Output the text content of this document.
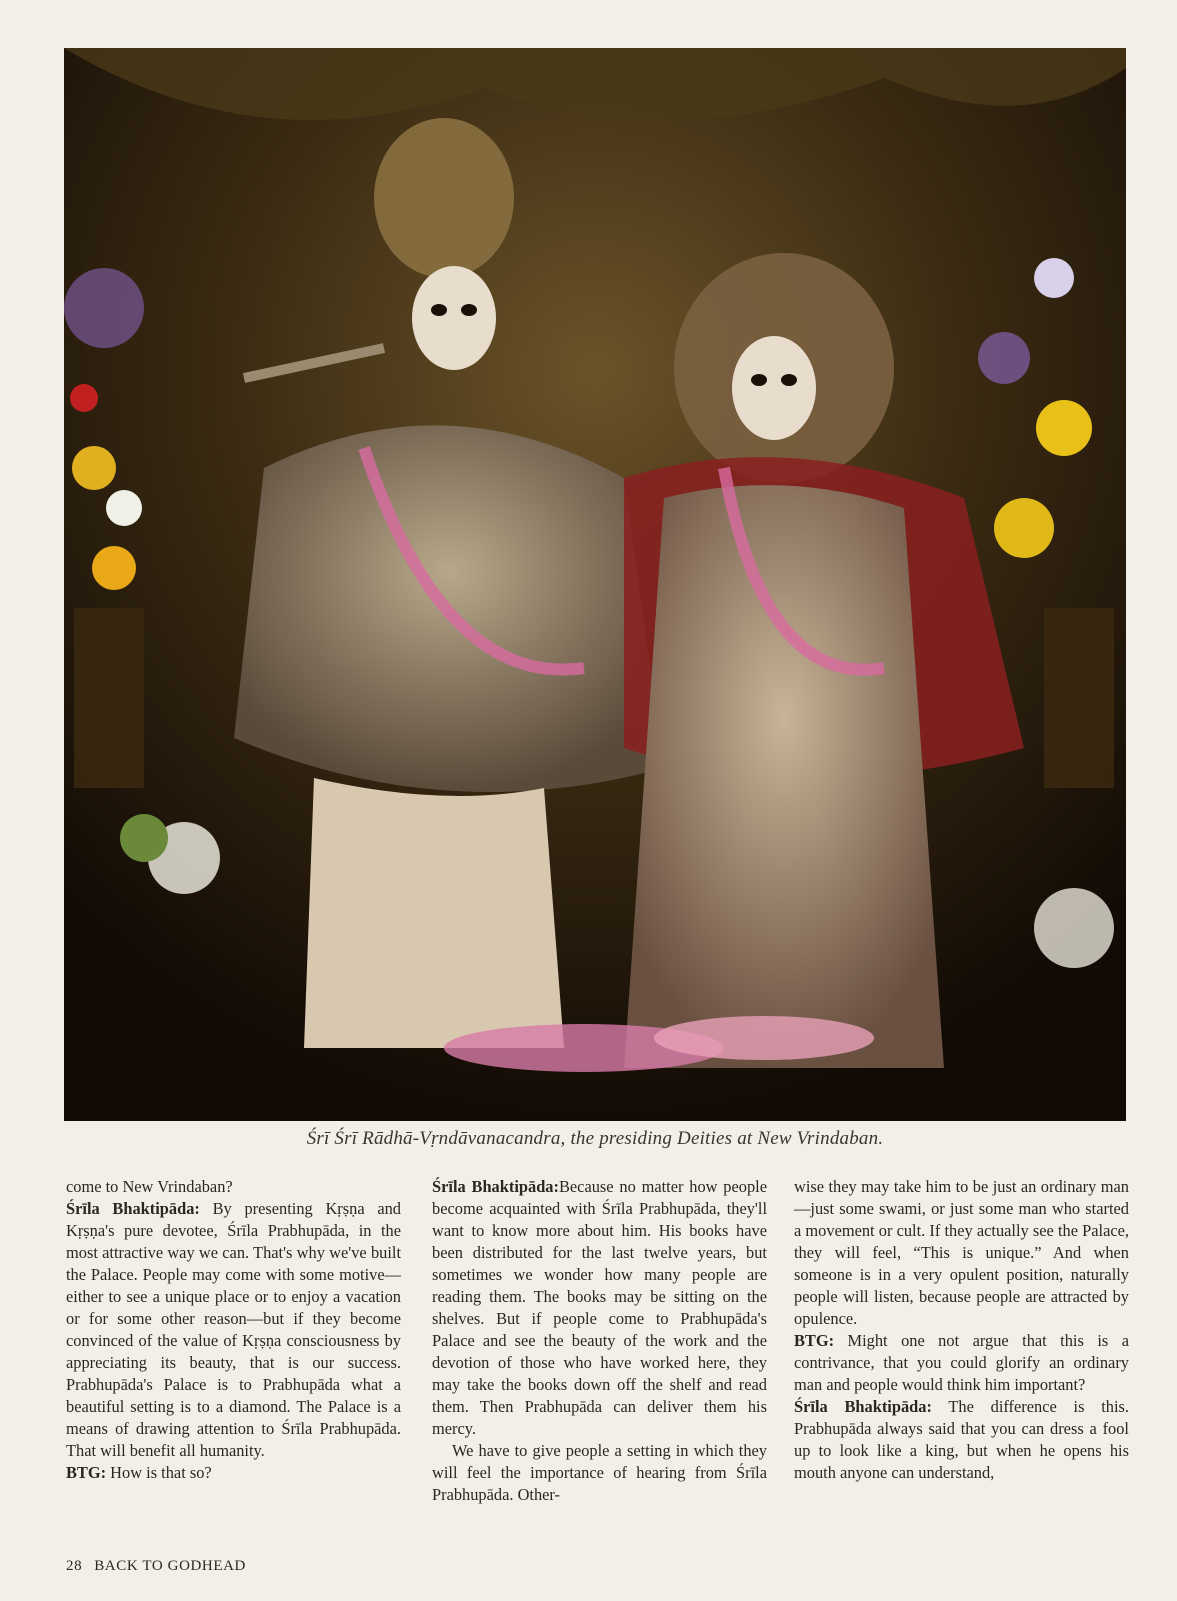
Śrī Śrī Rādhā-Vṛndāvanacandra, the presiding Deities at New Vrindaban.

come to New Vrindaban?

Śrīla Bhaktipāda: By presenting Kṛṣṇa and Kṛṣṇa's pure devotee, Śrīla Prabhupāda, in the most attractive way we can. That's why we've built the Palace. People may come with some motive—either to see a unique place or to enjoy a vacation or for some other reason—but if they become convinced of the value of Kṛṣṇa consciousness by appreciating its beauty, that is our success. Prabhupāda's Palace is to Prabhupāda what a beautiful setting is to a diamond. The Palace is a means of drawing attention to Śrīla Prabhupāda. That will benefit all humanity.

BTG: How is that so?

Śrīla Bhaktipāda:Because no matter how people become acquainted with Śrīla Prabhupāda, they'll want to know more about him. His books have been distributed for the last twelve years, but sometimes we wonder how many people are reading them. The books may be sitting on the shelves. But if people come to Prabhupāda's Palace and see the beauty of the work and the devotion of those who have worked here, they may take the books down off the shelf and read them. Then Prabhupāda can deliver them his mercy.

We have to give people a setting in which they will feel the importance of hearing from Śrīla Prabhupāda. Other-

wise they may take him to be just an ordinary man—just some swami, or just some man who started a movement or cult. If they actually see the Palace, they will feel, “This is unique.” And when someone is in a very opulent position, naturally people will listen, because people are attracted by opulence.

BTG: Might one not argue that this is a contrivance, that you could glorify an ordinary man and people would think him important?

Śrīla Bhaktipāda: The difference is this. Prabhupāda always said that you can dress a fool up to look like a king, but when he opens his mouth anyone can understand,

28 BACK TO GODHEAD
